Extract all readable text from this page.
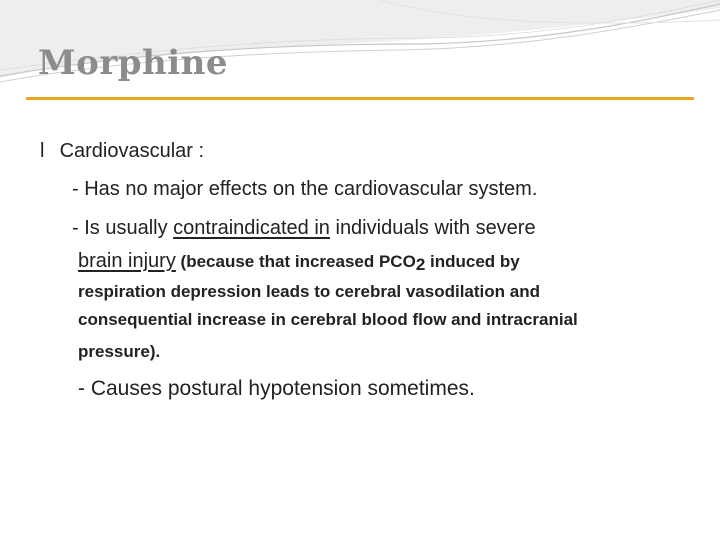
Morphine
l Cardiovascular :
- Has no major effects on the cardiovascular system.
- Is usually contraindicated in individuals with severe
brain injury (because that increased $PCO_2$ induced by
respiration depression leads to cerebral vasodilation and
consequential increase in cerebral blood flow and intracranial
pressure).
- Causes postural hypotension sometimes.
